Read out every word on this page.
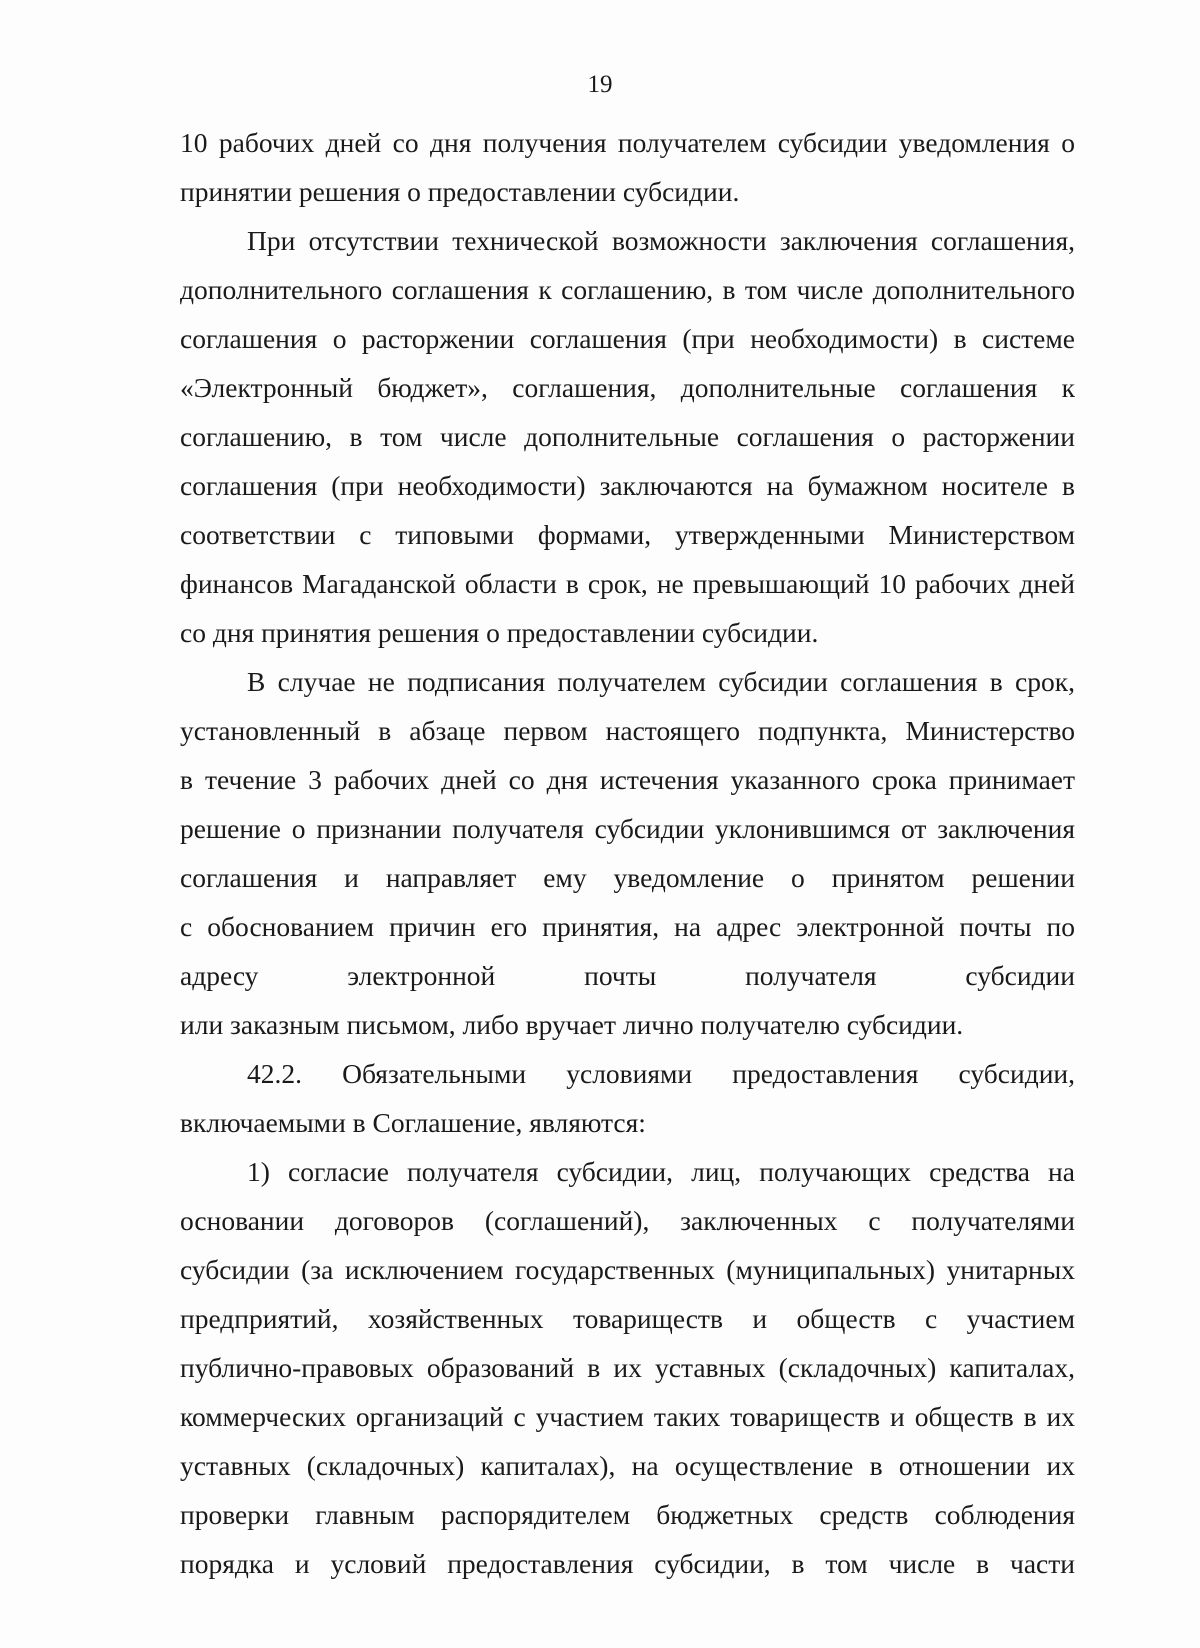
19

10 рабочих дней со дня получения получателем субсидии уведомления о
принятии решения о предоставлении субсидии.

При отсутствии технической возможности заключения соглашения,
дополнительного соглашения к соглашению, в том числе дополнительного
соглашения о расторжении соглашения (при необходимости) в системе
«Электронный бюджет», соглашения, дополнительные соглашения к
соглашению, в том числе дополнительные соглашения о расторжении
соглашения (при необходимости) заключаются на бумажном носителе в
соответствии с типовыми формами, утвержденными Министерством
финансов Магаданской области в срок, не превышающий 10 рабочих дней
со дня принятия решения о предоставлении субсидии.

В случае не подписания получателем субсидии соглашения в срок,
установленный в абзаце первом настоящего подпункта, Министерство
в течение 3 рабочих дней со дня истечения указанного срока принимает
решение о признании получателя субсидии уклонившимся от заключения
соглашения и направляет ему уведомление о принятом решении
с обоснованием причин его принятия, на адрес электронной почты по
адресу электронной почты получателя субсидии
или заказным письмом, либо вручает лично получателю субсидии.

42.2. Обязательными условиями предоставления субсидии,
включаемыми в Соглашение, являются:

1) согласие получателя субсидии, лиц, получающих средства на
основании договоров (соглашений), заключенных с получателями
субсидии (за исключением государственных (муниципальных) унитарных
предприятий, хозяйственных товариществ и обществ с участием
публично-правовых образований в их уставных (складочных) капиталах,
коммерческих организаций с участием таких товариществ и обществ в их
уставных (складочных) капиталах), на осуществление в отношении их
проверки главным распорядителем бюджетных средств соблюдения
порядка и условий предоставления субсидии, в том числе в части
